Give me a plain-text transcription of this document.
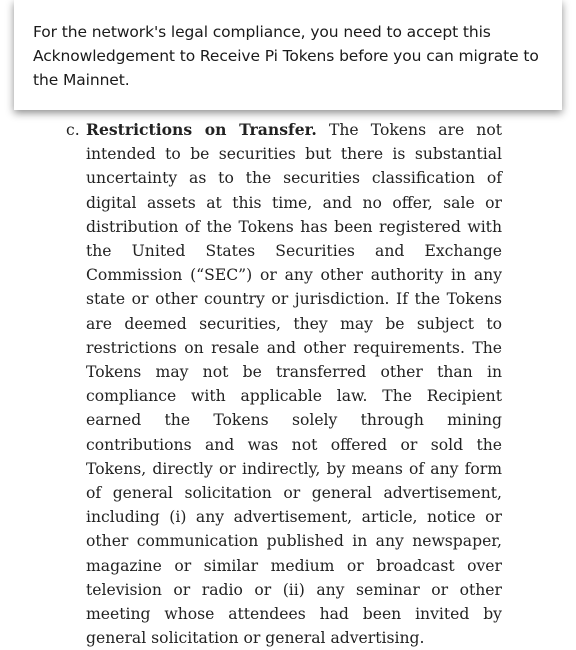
For the network's legal compliance, you need to accept this Acknowledgement to Receive Pi Tokens before you can migrate to the Mainnet.

c. Restrictions on Transfer. The Tokens are not intended to be securities but there is substantial uncertainty as to the securities classification of digital assets at this time, and no offer, sale or distribution of the Tokens has been registered with the United States Securities and Exchange Commission (“SEC”) or any other authority in any state or other country or jurisdiction. If the Tokens are deemed securities, they may be subject to restrictions on resale and other requirements. The Tokens may not be transferred other than in compliance with applicable law. The Recipient earned the Tokens solely through mining contributions and was not offered or sold the Tokens, directly or indirectly, by means of any form of general solicitation or general advertisement, including (i) any advertisement, article, notice or other communication published in any newspaper, magazine or similar medium or broadcast over television or radio or (ii) any seminar or other meeting whose attendees had been invited by general solicitation or general advertising.
